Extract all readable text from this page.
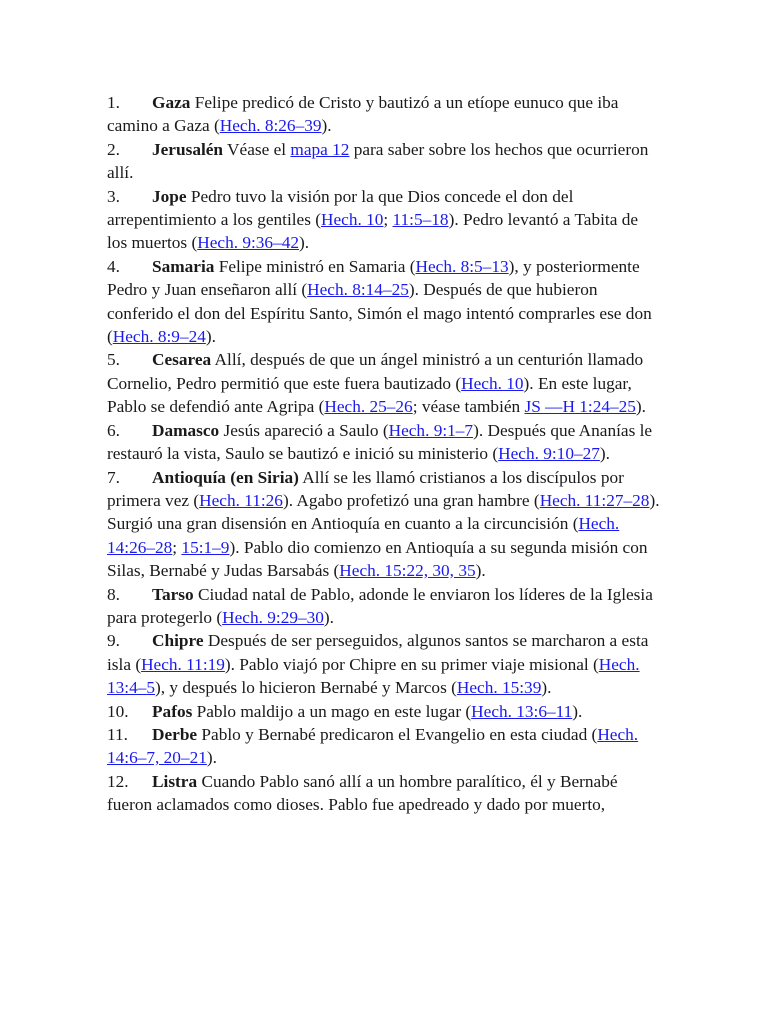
1. Gaza Felipe predicó de Cristo y bautizó a un etíope eunuco que iba camino a Gaza (Hech. 8:26–39).

2. Jerusalén Véase el mapa 12 para saber sobre los hechos que ocurrieron allí.

3. Jope Pedro tuvo la visión por la que Dios concede el don del arrepentimiento a los gentiles (Hech. 10; 11:5–18). Pedro levantó a Tabita de los muertos (Hech. 9:36–42).

4. Samaria Felipe ministró en Samaria (Hech. 8:5–13), y posteriormente Pedro y Juan enseñaron allí (Hech. 8:14–25). Después de que hubieron conferido el don del Espíritu Santo, Simón el mago intentó comprarles ese don (Hech. 8:9–24).

5. Cesarea Allí, después de que un ángel ministró a un centurión llamado Cornelio, Pedro permitió que este fuera bautizado (Hech. 10). En este lugar, Pablo se defendió ante Agripa (Hech. 25–26; véase también JS —H 1:24–25).

6. Damasco Jesús apareció a Saulo (Hech. 9:1–7). Después que Ananías le restauró la vista, Saulo se bautizó e inició su ministerio (Hech. 9:10–27).

7. Antioquía (en Siria) Allí se les llamó cristianos a los discípulos por primera vez (Hech. 11:26). Agabo profetizó una gran hambre (Hech. 11:27–28). Surgió una gran disensión en Antioquía en cuanto a la circuncisión (Hech. 14:26–28; 15:1–9). Pablo dio comienzo en Antioquía a su segunda misión con Silas, Bernabé y Judas Barsabás (Hech. 15:22, 30, 35).

8. Tarso Ciudad natal de Pablo, adonde le enviaron los líderes de la Iglesia para protegerlo (Hech. 9:29–30).

9. Chipre Después de ser perseguidos, algunos santos se marcharon a esta isla (Hech. 11:19). Pablo viajó por Chipre en su primer viaje misional (Hech. 13:4–5), y después lo hicieron Bernabé y Marcos (Hech. 15:39).

10. Pafos Pablo maldijo a un mago en este lugar (Hech. 13:6–11).

11. Derbe Pablo y Bernabé predicaron el Evangelio en esta ciudad (Hech. 14:6–7, 20–21).

12. Listra Cuando Pablo sanó allí a un hombre paralítico, él y Bernabé fueron aclamados como dioses. Pablo fue apedreado y dado por muerto,
